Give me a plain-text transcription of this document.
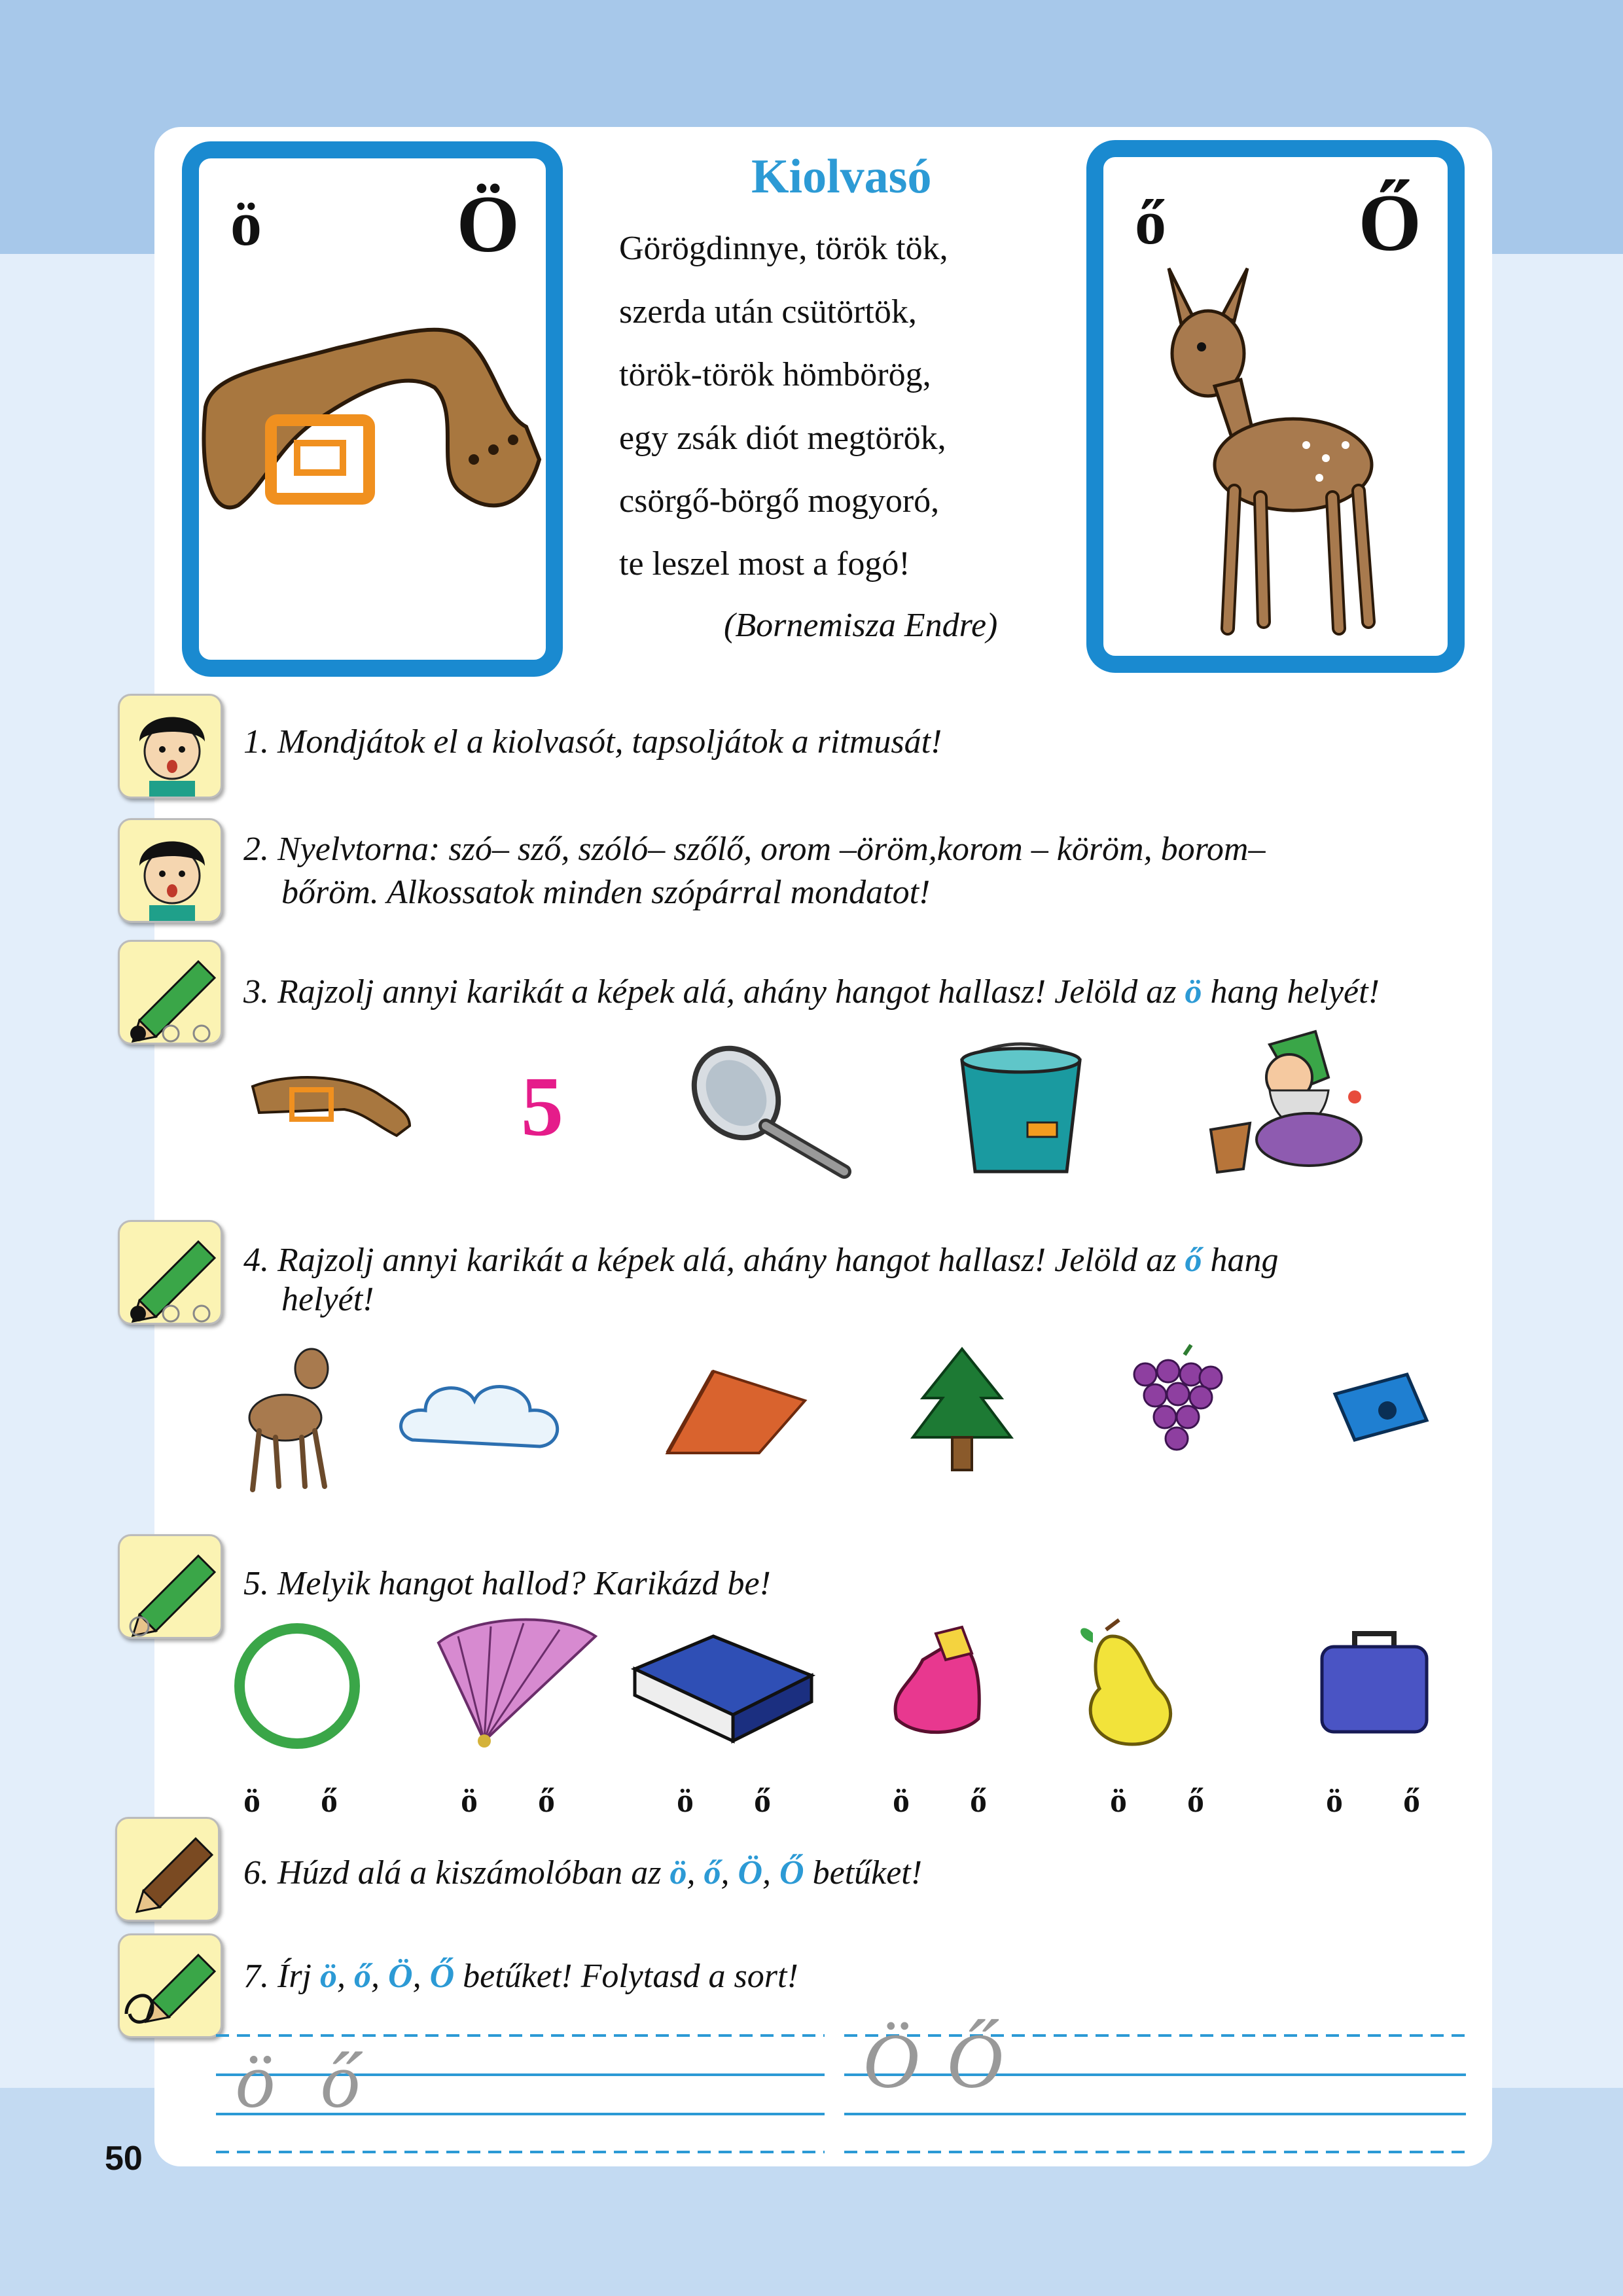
50
ö Ö
Kiolvasó
Görögdinnye, török tök,
szerda után csütörtök,
török-török hömbörög,
egy zsák diót megtörök,
csörgő-börgő mogyoró,
te leszel most a fogó!
(Bornemisza Endre)
ő Ő
1. Mondjátok el a kiolvasót, tapsoljátok a ritmusát!
2. Nyelvtorna: szó– sző, szóló– szőlő, orom –öröm,korom – köröm, borom–
bőröm. Alkossatok minden szópárral mondatot!
3. Rajzolj annyi karikát a képek alá, ahány hangot hallasz! Jelöld az ö hang helyét!
5
4. Rajzolj annyi karikát a képek alá, ahány hangot hallasz! Jelöld az ő hang
helyét!
5. Melyik hangot hallod? Karikázd be!
ö ő	ö ő	ö ő	ö ő	ö ő	ö ő
6. Húzd alá a kiszámolóban az ö, ő, Ö, Ő betűket!
7. Írj ö, ő, Ö, Ő betűket! Folytasd a sort!
ö ő	Ö Ő
